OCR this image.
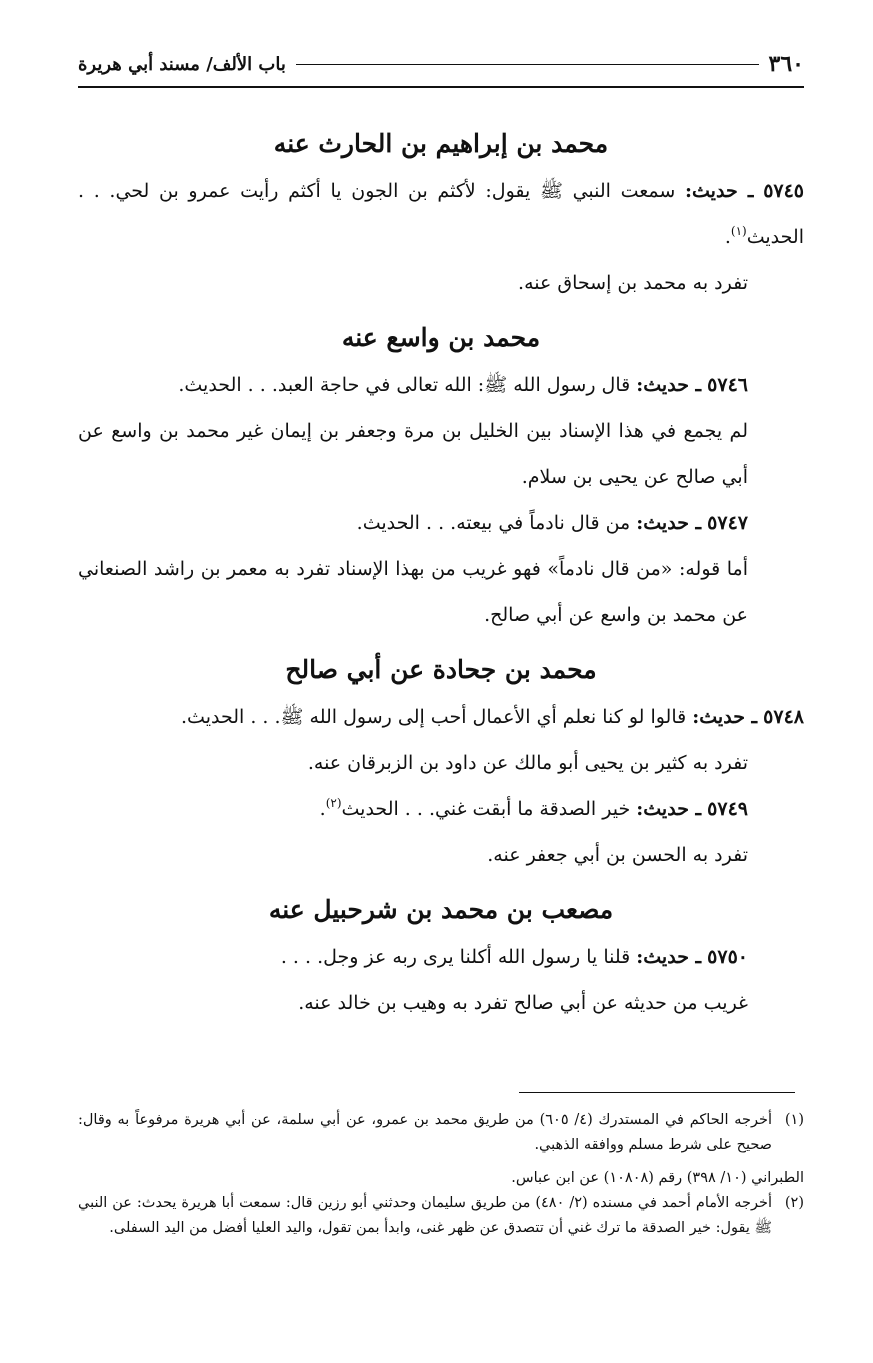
٣٦٠
باب الألف/ مسند أبي هريرة
محمد بن إبراهيم بن الحارث عنه

٥٧٤٥ ـ حديث: سمعت النبي ﷺ يقول: لأكثم بن الجون يا أكثم رأيت عمرو بن لحي. . . الحديث$^{(١)}$.

تفرد به محمد بن إسحاق عنه.

محمد بن واسع عنه

٥٧٤٦ ـ حديث: قال رسول الله ﷺ: الله تعالى في حاجة العبد. . . الحديث.

لم يجمع في هذا الإسناد بين الخليل بن مرة وجعفر بن إيمان غير محمد بن واسع عن أبي صالح عن يحيى بن سلام.

٥٧٤٧ ـ حديث: من قال نادماً في بيعته. . . الحديث.

أما قوله: «من قال نادماً» فهو غريب من بهذا الإسناد تفرد به معمر بن راشد الصنعاني عن محمد بن واسع عن أبي صالح.

محمد بن جحادة عن أبي صالح

٥٧٤٨ ـ حديث: قالوا لو كنا نعلم أي الأعمال أحب إلى رسول الله ﷺ. . . الحديث.

تفرد به كثير بن يحيى أبو مالك عن داود بن الزبرقان عنه.

٥٧٤٩ ـ حديث: خير الصدقة ما أبقت غني. . . الحديث$^{(٢)}$.

تفرد به الحسن بن أبي جعفر عنه.

مصعب بن محمد بن شرحبيل عنه

٥٧٥٠ ـ حديث: قلنا يا رسول الله أكلنا يرى ربه عز وجل. . . .

غريب من حديثه عن أبي صالح تفرد به وهيب بن خالد عنه.

(١)
أخرجه الحاكم في المستدرك (٤/ ٦٠٥) من طريق محمد بن عمرو، عن أبي سلمة، عن أبي هريرة مرفوعاً به وقال: صحيح على شرط مسلم ووافقه الذهبي.
الطبراني (١٠/ ٣٩٨) رقم (١٠٨٠٨) عن ابن عباس.
(٢)
أخرجه الأمام أحمد في مسنده (٢/ ٤٨٠) من طريق سليمان وحدثني أبو رزين قال: سمعت أبا هريرة يحدث: عن النبي ﷺ يقول: خير الصدقة ما ترك غني أن تتصدق عن ظهر غنى، وابدأ بمن تقول، واليد العليا أفضل من اليد السفلى.
